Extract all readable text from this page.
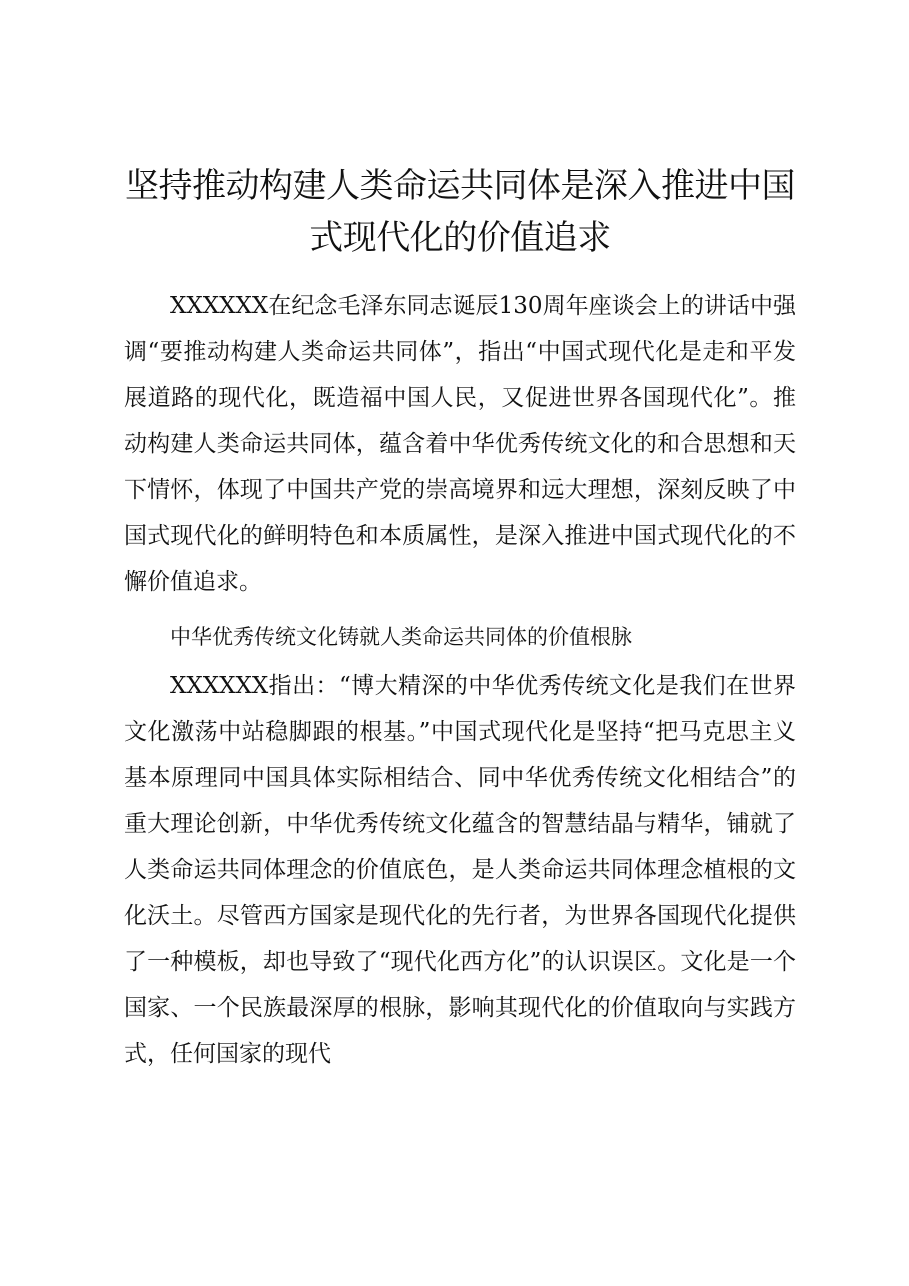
坚持推动构建人类命运共同体是深入推进中国式现代化的价值追求

XXXXXX在纪念毛泽东同志诞辰130周年座谈会上的讲话中强调“要推动构建人类命运共同体”，指出“中国式现代化是走和平发展道路的现代化，既造福中国人民，又促进世界各国现代化”。推动构建人类命运共同体，蕴含着中华优秀传统文化的和合思想和天下情怀，体现了中国共产党的崇高境界和远大理想，深刻反映了中国式现代化的鲜明特色和本质属性，是深入推进中国式现代化的不懈价值追求。

中华优秀传统文化铸就人类命运共同体的价值根脉

XXXXXX指出：“博大精深的中华优秀传统文化是我们在世界文化激荡中站稳脚跟的根基。”中国式现代化是坚持“把马克思主义基本原理同中国具体实际相结合、同中华优秀传统文化相结合”的重大理论创新，中华优秀传统文化蕴含的智慧结晶与精华，铺就了人类命运共同体理念的价值底色，是人类命运共同体理念植根的文化沃土。尽管西方国家是现代化的先行者，为世界各国现代化提供了一种模板，却也导致了“现代化西方化”的认识误区。文化是一个国家、一个民族最深厚的根脉，影响其现代化的价值取向与实践方式，任何国家的现代
